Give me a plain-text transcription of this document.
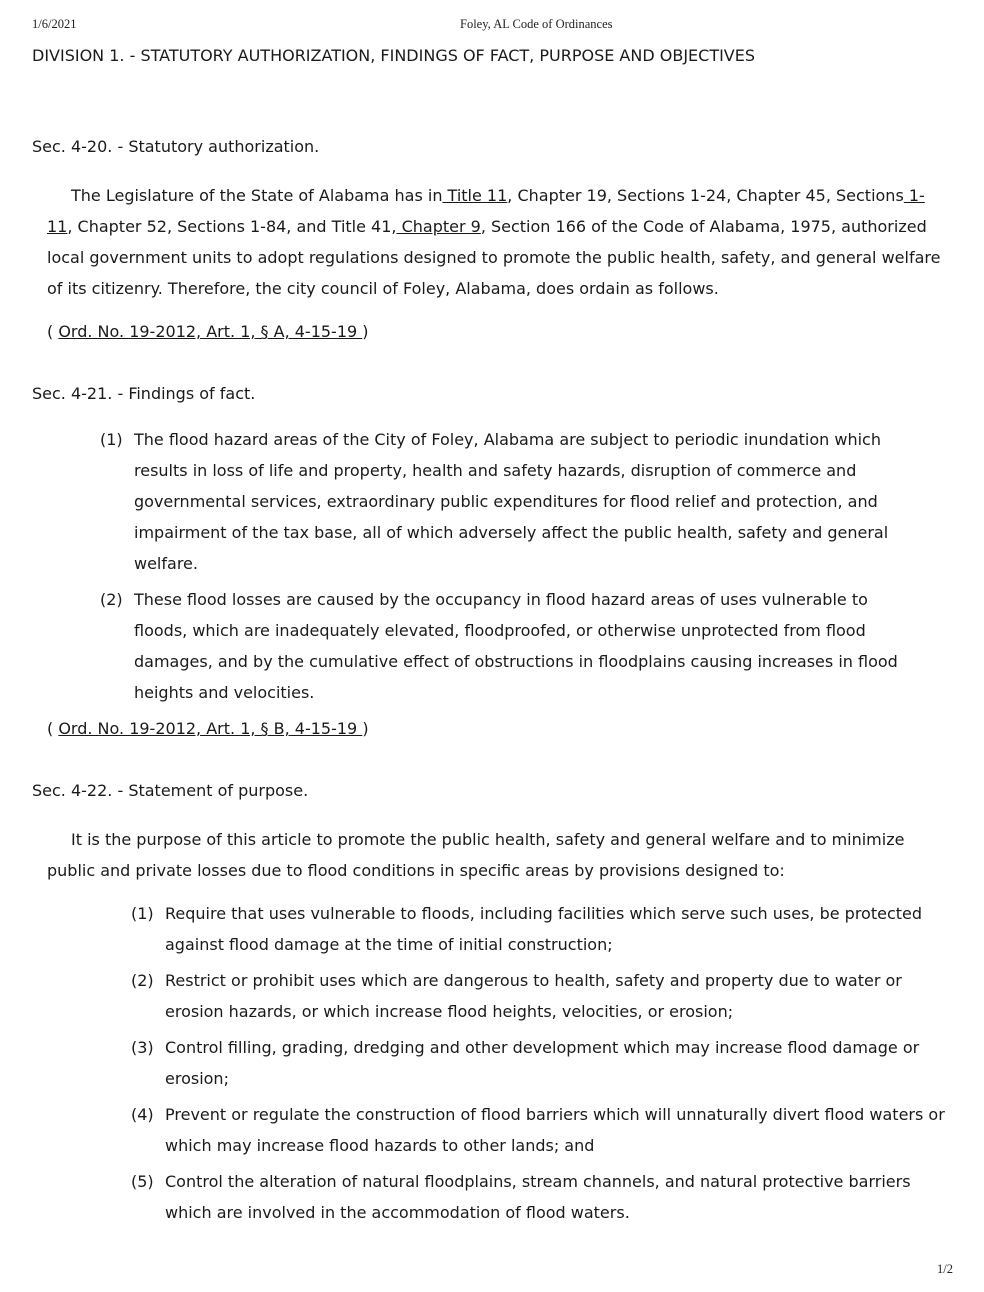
1/6/2021	Foley, AL Code of Ordinances
DIVISION 1. - STATUTORY AUTHORIZATION, FINDINGS OF FACT, PURPOSE AND OBJECTIVES
Sec. 4-20. - Statutory authorization.

The Legislature of the State of Alabama has in Title 11, Chapter 19, Sections 1-24, Chapter 45, Sections 1-11, Chapter 52, Sections 1-84, and Title 41, Chapter 9, Section 166 of the Code of Alabama, 1975, authorized local government units to adopt regulations designed to promote the public health, safety, and general welfare of its citizenry. Therefore, the city council of Foley, Alabama, does ordain as follows.

( Ord. No. 19-2012, Art. 1, § A, 4-15-19 )
Sec. 4-21. - Findings of fact.
(1) The flood hazard areas of the City of Foley, Alabama are subject to periodic inundation which results in loss of life and property, health and safety hazards, disruption of commerce and governmental services, extraordinary public expenditures for flood relief and protection, and impairment of the tax base, all of which adversely affect the public health, safety and general welfare.
(2) These flood losses are caused by the occupancy in flood hazard areas of uses vulnerable to floods, which are inadequately elevated, floodproofed, or otherwise unprotected from flood damages, and by the cumulative effect of obstructions in floodplains causing increases in flood heights and velocities.
( Ord. No. 19-2012, Art. 1, § B, 4-15-19 )
Sec. 4-22. - Statement of purpose.

It is the purpose of this article to promote the public health, safety and general welfare and to minimize public and private losses due to flood conditions in specific areas by provisions designed to:

(1) Require that uses vulnerable to floods, including facilities which serve such uses, be protected against flood damage at the time of initial construction;
(2) Restrict or prohibit uses which are dangerous to health, safety and property due to water or erosion hazards, or which increase flood heights, velocities, or erosion;
(3) Control filling, grading, dredging and other development which may increase flood damage or erosion;
(4) Prevent or regulate the construction of flood barriers which will unnaturally divert flood waters or which may increase flood hazards to other lands; and
(5) Control the alteration of natural floodplains, stream channels, and natural protective barriers which are involved in the accommodation of flood waters.
1/2
